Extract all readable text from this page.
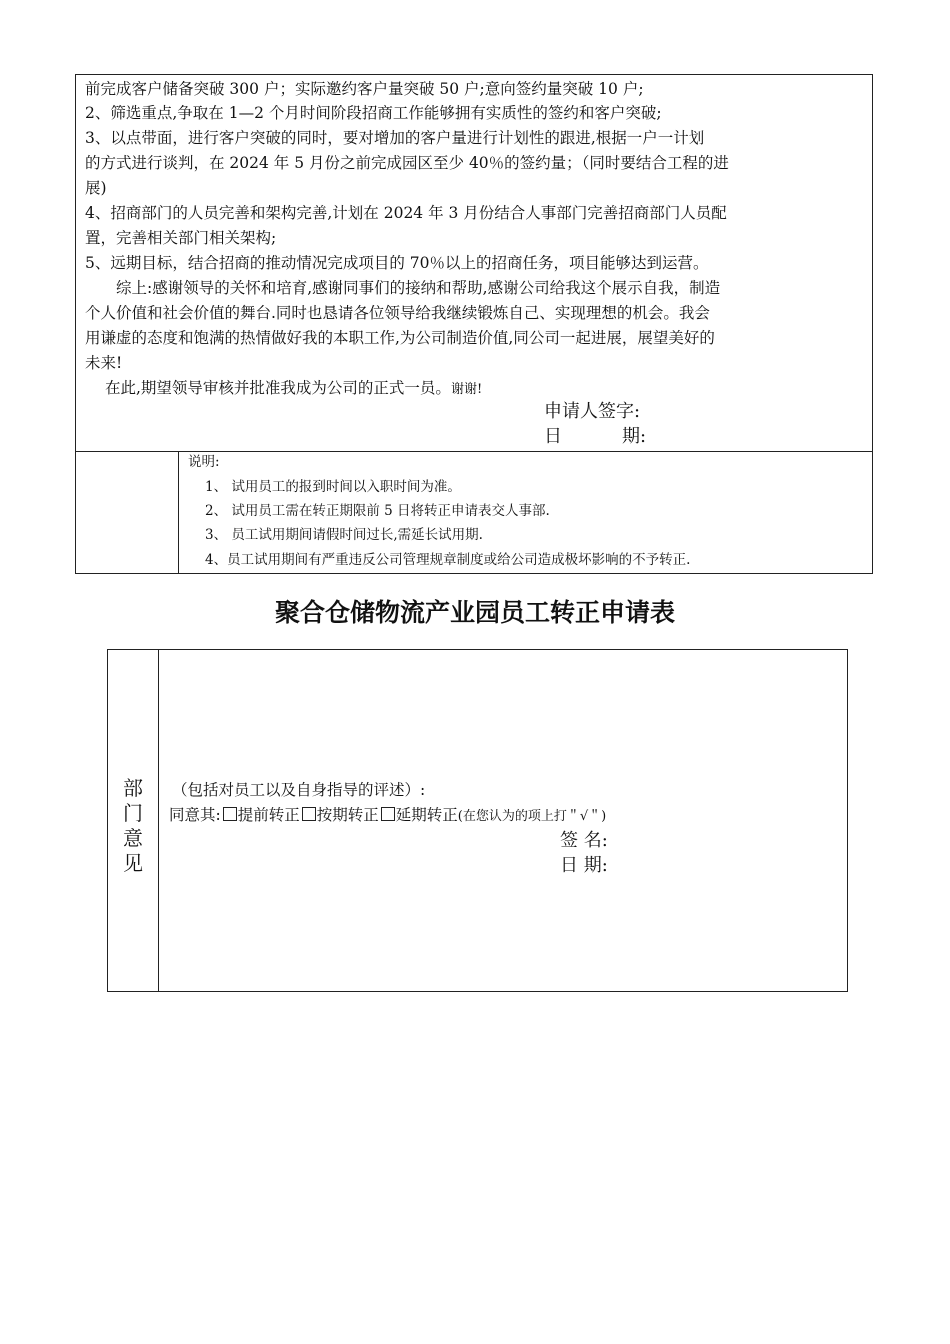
前完成客户储备突破 300 户；实际邀约客户量突破 50 户;意向签约量突破 10 户;
2、筛选重点,争取在 1—2 个月时间阶段招商工作能够拥有实质性的签约和客户突破;
3、以点带面，进行客户突破的同时，要对增加的客户量进行计划性的跟进,根据一户一计划
的方式进行谈判，在 2024 年 5 月份之前完成园区至少 40％的签约量；（同时要结合工程的进
展)
4、招商部门的人员完善和架构完善,计划在 2024 年 3 月份结合人事部门完善招商部门人员配
置，完善相关部门相关架构;
5、远期目标，结合招商的推动情况完成项目的 70％以上的招商任务，项目能够达到运营。
综上:感谢领导的关怀和培育,感谢同事们的接纳和帮助,感谢公司给我这个展示自我，制造
个人价值和社会价值的舞台.同时也恳请各位领导给我继续锻炼自己、实现理想的机会。我会
用谦虚的态度和饱满的热情做好我的本职工作,为公司制造价值,同公司一起进展，展望美好的
未来!
在此,期望领导审核并批准我成为公司的正式一员。谢谢!
申请人签字:
日	期:
说明:
1、 试用员工的报到时间以入职时间为准。
2、 试用员工需在转正期限前 5 日将转正申请表交人事部.
3、 员工试用期间请假时间过长,需延长试用期.
4、员工试用期间有严重违反公司管理规章制度或给公司造成极坏影响的不予转正.
聚合仓储物流产业园员工转正申请表
部
门
意
见
（包括对员工以及自身指导的评述）:
同意其: 提前转正 按期转正 延期转正(在您认为的项上打＂√＂)
签 名:
日 期:
